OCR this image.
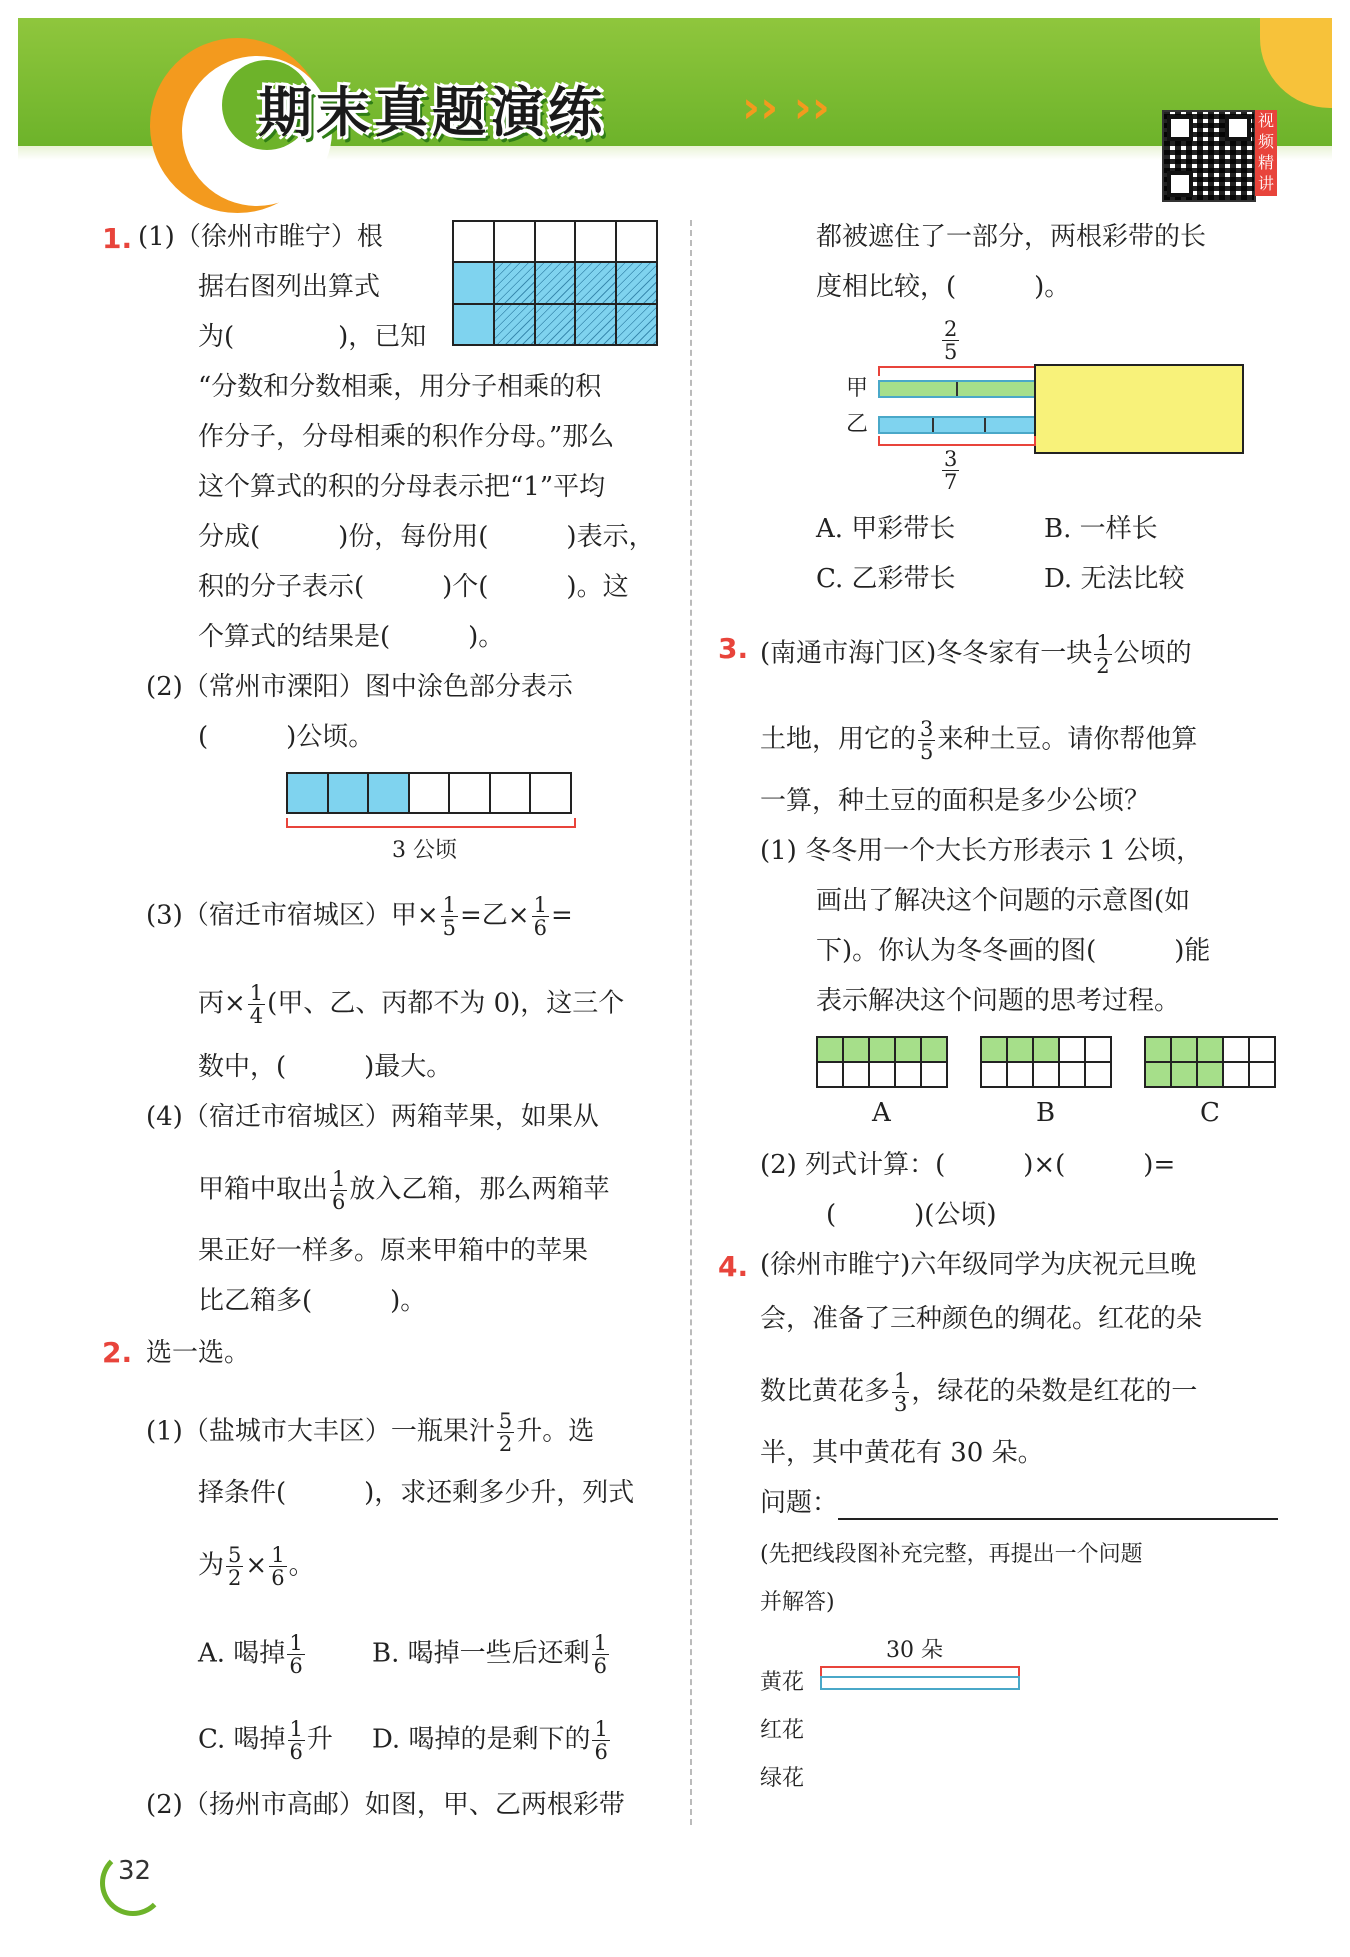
期末真题演练	›› ››	视频精讲
1. (1)（徐州市睢宁）根
据右图列出算式
为(　　　　)，已知
“分数和分数相乘，用分子相乘的积
作分子，分母相乘的积作分母。”那么
这个算式的积的分母表示把“1”平均
分成(　　　)份，每份用(　　　)表示，
积的分子表示(　　　)个(　　　)。这
个算式的结果是(　　　)。

(2)（常州市溧阳）图中涂色部分表示
(　　　)公顷。

3 公顷
(3)（宿迁市宿城区）甲× $\frac{1}{5}$ =乙× $\frac{1}{6}$ =
丙× $\frac{1}{4}$ (甲、乙、丙都不为 0)，这三个
数中，(　　　)最大。
(4)（宿迁市宿城区）两箱苹果，如果从
甲箱中取出 $\frac{1}{6}$ 放入乙箱，那么两箱苹
果正好一样多。原来甲箱中的苹果
比乙箱多(　　　)。
2. 选一选。
(1)（盐城市大丰区）一瓶果汁 $\frac{5}{2}$ 升。选
择条件(　　　)，求还剩多少升，列式
为 $\frac{5}{2} \times \frac{1}{6}$ 。
A. 喝掉 $\frac{1}{6}$	B. 喝掉一些后还剩 $\frac{1}{6}$
C. 喝掉 $\frac{1}{6}$ 升 D. 喝掉的是剩下的 $\frac{1}{6}$
(2)（扬州市高邮）如图，甲、乙两根彩带
32
都被遮住了一部分，两根彩带的长
度相比较，(　　　)。
$\frac{2}{5}$
甲
乙
$\frac{3}{7}$
A. 甲彩带长	B. 一样长
C. 乙彩带长	D. 无法比较
3. (南通市海门区)冬冬家有一块 $\frac{1}{2}$ 公顷的
土地，用它的 $\frac{3}{5}$ 来种土豆。请你帮他算
一算，种土豆的面积是多少公顷？
(1) 冬冬用一个大长方形表示 1 公顷，
画出了解决这个问题的示意图(如
下)。你认为冬冬画的图(　　　)能
表示解决这个问题的思考过程。

A	B	C
(2) 列式计算：(　　　)×(　　　)=
(　　　)(公顷)
4. (徐州市睢宁)六年级同学为庆祝元旦晚
会，准备了三种颜色的绸花。红花的朵
数比黄花多 $\frac{1}{3}$ ，绿花的朵数是红花的一
半，其中黄花有 30 朵。
问题：
(先把线段图补充完整，再提出一个问题
并解答)
30 朵
黄花
红花
绿花
